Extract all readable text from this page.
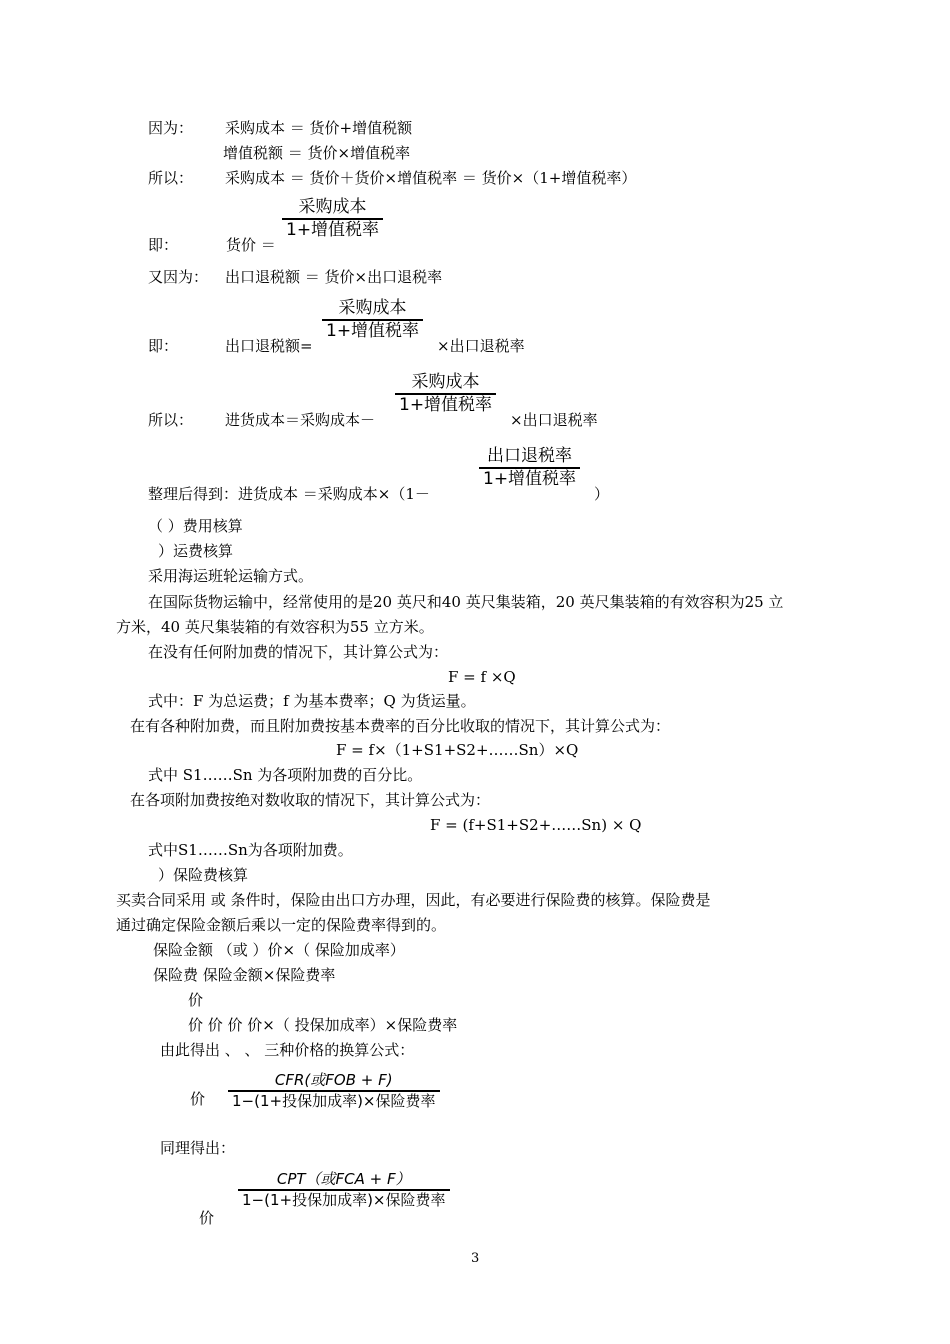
因为： 采购成本 ＝ 货价+增值税额
增值税额 ＝ 货价×增值税率
所以： 采购成本 ＝ 货价＋货价×增值税率 ＝ 货价×（1+增值税率）
即：	货价 ＝
采购成本
1+增值税率
又因为： 出口退税额 ＝ 货价×出口退税率
即：	出口退税额=
采购成本
1+增值税率
×出口退税率
所以： 进货成本＝采购成本－
采购成本
1+增值税率
×出口退税率
整理后得到：进货成本 ＝采购成本×（1－
出口退税率
1+增值税率
）
（ ）费用核算
）运费核算
采用海运班轮运输方式。
在国际货物运输中，经常使用的是20 英尺和40 英尺集装箱，20 英尺集装箱的有效容积为25 立
方米，40 英尺集装箱的有效容积为55 立方米。
在没有任何附加费的情况下，其计算公式为：
F = f ×Q
式中：F 为总运费；f 为基本费率；Q 为货运量。
在有各种附加费，而且附加费按基本费率的百分比收取的情况下，其计算公式为：
F = f×（1+S1+S2+……Sn）×Q
式中 S1……Sn 为各项附加费的百分比。
在各项附加费按绝对数收取的情况下，其计算公式为：
F = (f+S1+S2+……Sn) × Q
式中S1……Sn为各项附加费。
）保险费核算
买卖合同采用 或 条件时，保险由出口方办理，因此，有必要进行保险费的核算。保险费是
通过确定保险金额后乘以一定的保险费率得到的。
保险金额 （或 ）价×（ 保险加成率）
保险费 保险金额×保险费率
价
价 价 价 价×（ 投保加成率）×保险费率
由此得出 、 、 三种价格的换算公式：
价
CFR(或FOB + F)
1−(1+投保加成率)×保险费率
同理得出：
CPT（或FCA + F）
1−(1+投保加成率)×保险费率
价
3
